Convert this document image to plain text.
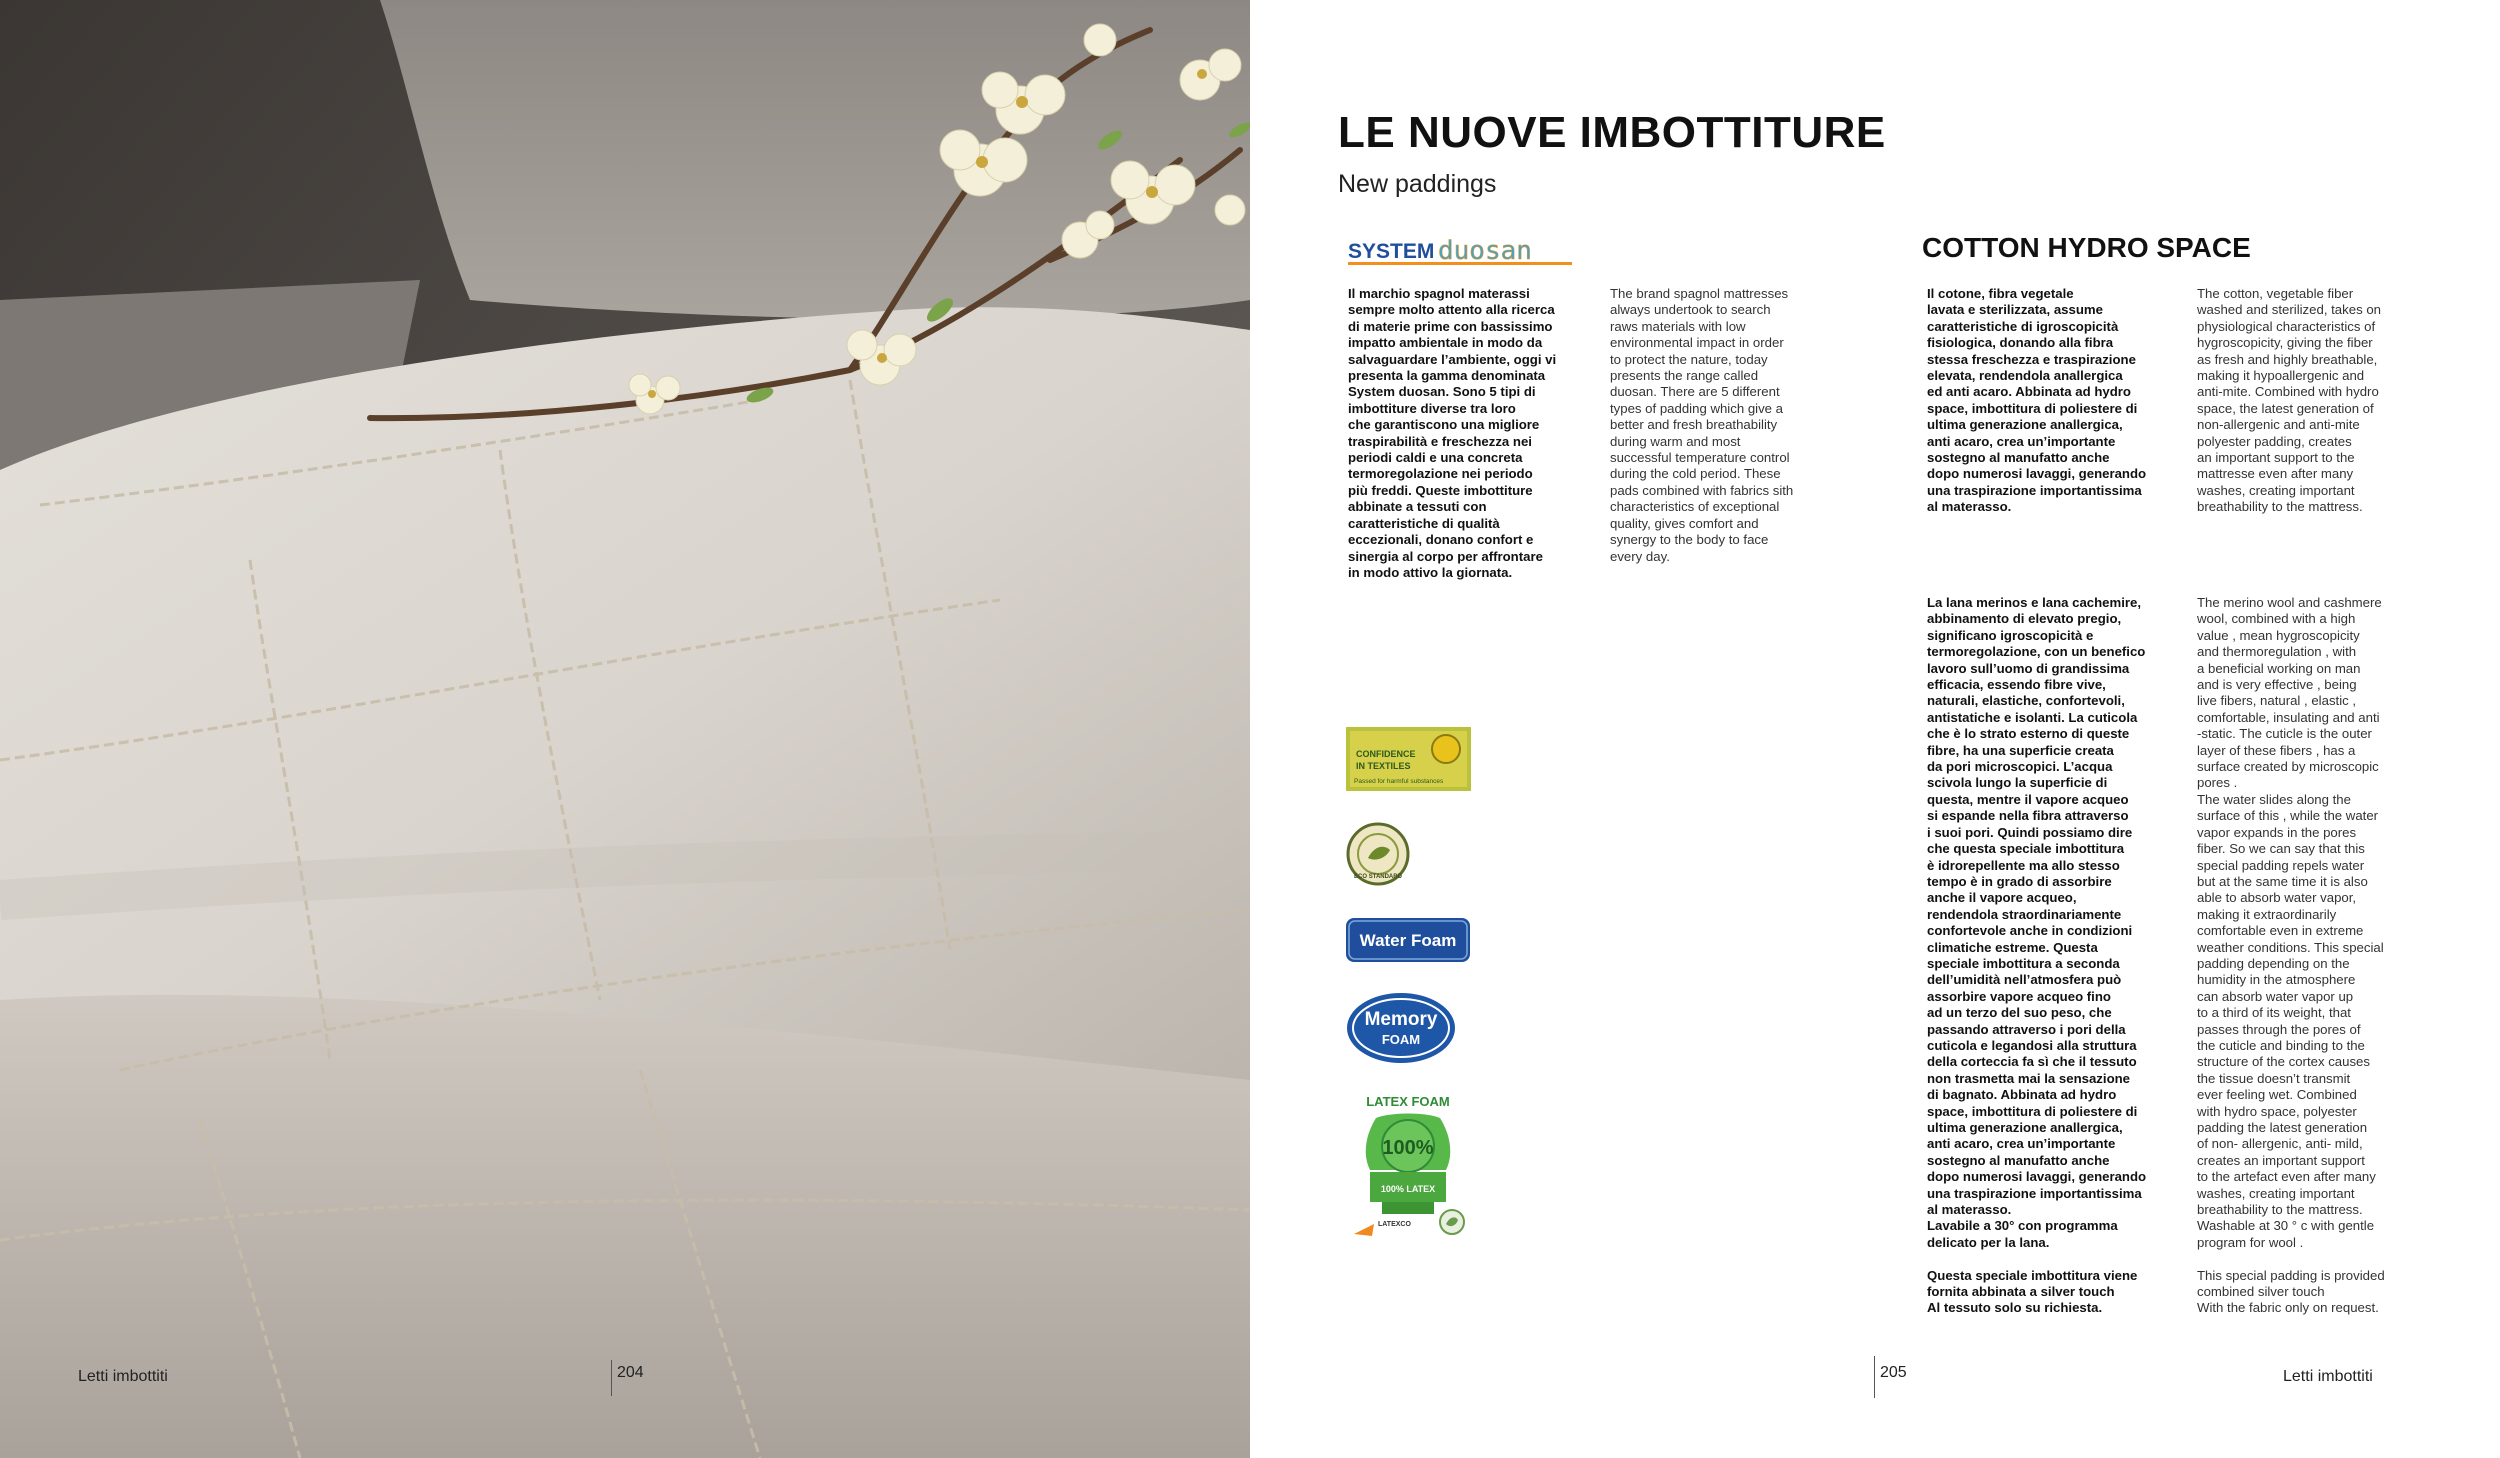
Letti imbottiti	204
LE NUOVE IMBOTTITURE
New paddings
SYSTEM duosan
Il marchio spagnol materassi
sempre molto attento alla ricerca
di materie prime con bassissimo
impatto ambientale in modo da
salvaguardare l’ambiente, oggi vi
presenta la gamma denominata
System duosan. Sono 5 tipi di
imbottiture diverse tra loro
che garantiscono una migliore
traspirabilità e freschezza nei
periodi caldi e una concreta
termoregolazione nei periodo
più freddi. Queste imbottiture
abbinate a tessuti con
caratteristiche di qualità
eccezionali, donano confort e
sinergia al corpo per affrontare
in modo attivo la giornata.
The brand spagnol mattresses
always undertook to search
raws materials with low
environmental impact in order
to protect the nature, today
presents the range called
duosan. There are 5 different
types of padding which give a
better and fresh breathability
during warm and most
successful temperature control
during the cold period. These
pads combined with fabrics sith
characteristics of exceptional
quality, gives comfort and
synergy to the body to face
every day.
COTTON HYDRO SPACE
Il cotone, fibra vegetale
lavata e sterilizzata, assume
caratteristiche di igroscopicità
fisiologica, donando alla fibra
stessa freschezza e traspirazione
elevata, rendendola anallergica
ed anti acaro. Abbinata ad hydro
space, imbottitura di poliestere di
ultima generazione anallergica,
anti acaro, crea un’importante
sostegno al manufatto anche
dopo numerosi lavaggi, generando
una traspirazione importantissima
al materasso.
The cotton, vegetable fiber
washed and sterilized, takes on
physiological characteristics of
hygroscopicity, giving the fiber
as fresh and highly breathable,
making it hypoallergenic and
anti-mite. Combined with hydro
space, the latest generation of
non-allergenic and anti-mite
polyester padding, creates
an important support to the
mattresse even after many
washes, creating important
breathability to the mattress.
La lana merinos e lana cachemire,
abbinamento di elevato pregio,
significano igroscopicità e
termoregolazione, con un benefico
lavoro sull’uomo di grandissima
efficacia, essendo fibre vive,
naturali, elastiche, confortevoli,
antistatiche e isolanti. La cuticola
che è lo strato esterno di queste
fibre, ha una superficie creata
da pori microscopici. L’acqua
scivola lungo la superficie di
questa, mentre il vapore acqueo
si espande nella fibra attraverso
i suoi pori. Quindi possiamo dire
che questa speciale imbottitura
è idrorepellente ma allo stesso
tempo è in grado di assorbire
anche il vapore acqueo,
rendendola straordinariamente
confortevole anche in condizioni
climatiche estreme. Questa
speciale imbottitura a seconda
dell’umidità nell’atmosfera può
assorbire vapore acqueo fino
ad un terzo del suo peso, che
passando attraverso i pori della
cuticola e legandosi alla struttura
della corteccia fa sì che il tessuto
non trasmetta mai la sensazione
di bagnato. Abbinata ad hydro
space, imbottitura di poliestere di
ultima generazione anallergica,
anti acaro, crea un’importante
sostegno al manufatto anche
dopo numerosi lavaggi, generando
una traspirazione importantissima
al materasso.
Lavabile a 30° con programma
delicato per la lana.

Questa speciale imbottitura viene
fornita abbinata a silver touch
Al tessuto solo su richiesta.
The merino wool and cashmere
wool, combined with a high
value , mean hygroscopicity
and thermoregulation , with
a beneficial working on man
and is very effective , being
live fibers, natural , elastic ,
comfortable, insulating and anti
-static. The cuticle is the outer
layer of these fibers , has a
surface created by microscopic
pores .
The water slides along the
surface of this , while the water
vapor expands in the pores
fiber. So we can say that this
special padding repels water
but at the same time it is also
able to absorb water vapor,
making it extraordinarily
comfortable even in extreme
weather conditions. This special
padding depending on the
humidity in the atmosphere
can absorb water vapor up
to a third of its weight, that
passes through the pores of
the cuticle and binding to the
structure of the cortex causes
the tissue doesn’t transmit
ever feeling wet. Combined
with hydro space, polyester
padding the latest generation
of non- allergenic, anti- mild,
creates an important support
to the artefact even after many
washes, creating important
breathability to the mattress.
Washable at 30 ° c with gentle
program for wool .

This special padding is provided
combined silver touch
With the fabric only on request.
CONFIDENCE
IN TEXTILES
Passed for harmful substances
ECO STANDARD
Water Foam
Memory
FOAM
LATEX FOAM
100%
100% LATEX
LATEXCO
205	Letti imbottiti
